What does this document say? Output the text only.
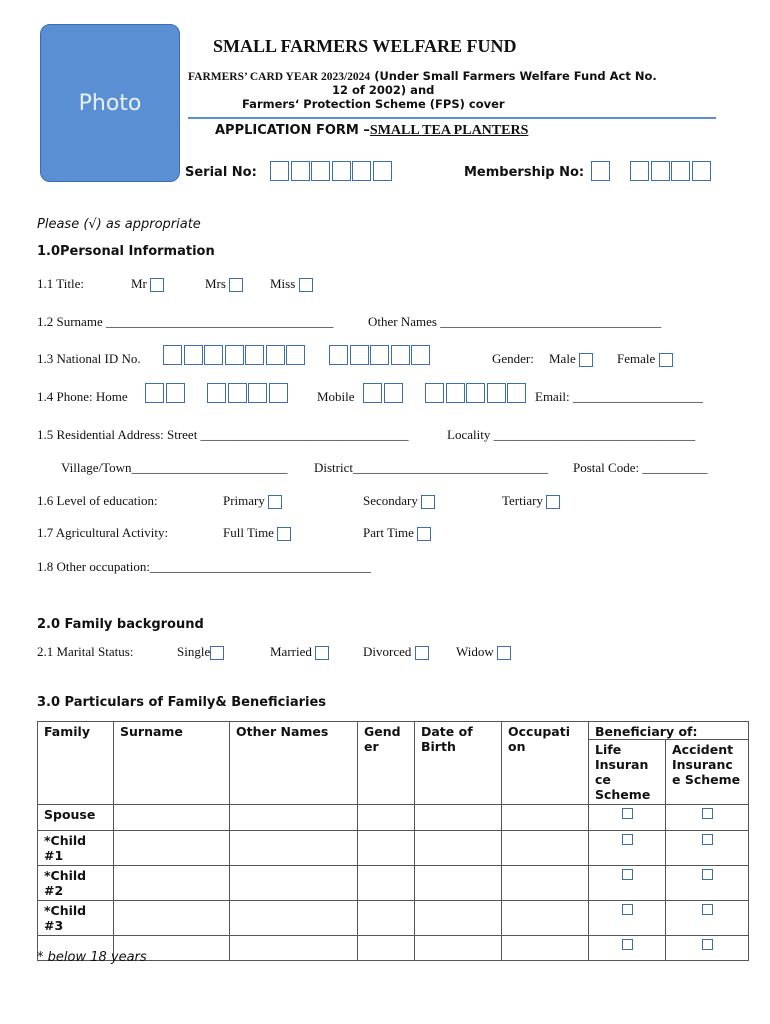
Photo
SMALL FARMERS WELFARE FUND
FARMERS’ CARD YEAR 2023/2024 (Under Small Farmers Welfare Fund Act No.
12 of 2002) and
Farmers‘ Protection Scheme (FPS) cover
APPLICATION FORM –SMALL TEA PLANTERS
Serial No:	Membership No:
Please (√) as appropriate
1.0Personal Information
1.1 Title:	Mr	Mrs	Miss
1.2 Surname ___________________________________	Other Names __________________________________
1.3 National ID No.	Gender: Male	Female
1.4 Phone: Home	Mobile	Email: ____________________
1.5 Residential Address: Street ________________________________	Locality _______________________________
Village/Town________________________ District______________________________ Postal Code: __________
1.6 Level of education:	Primary	Secondary	Tertiary
1.7 Agricultural Activity:	Full Time	Part Time
1.8 Other occupation:__________________________________
2.0 Family background
2.1 Marital Status:	Single	Married	Divorced	Widow
3.0 Particulars of Family& Beneficiaries
Family	Surname	Other Names	Gend er	Date of Birth	Occupati on	Beneficiary of:	
						Life Insuran ce Scheme	Accident Insuranc e Scheme
Spouse							
*Child #1							
*Child #2							
*Child #3							

* below 18 years
